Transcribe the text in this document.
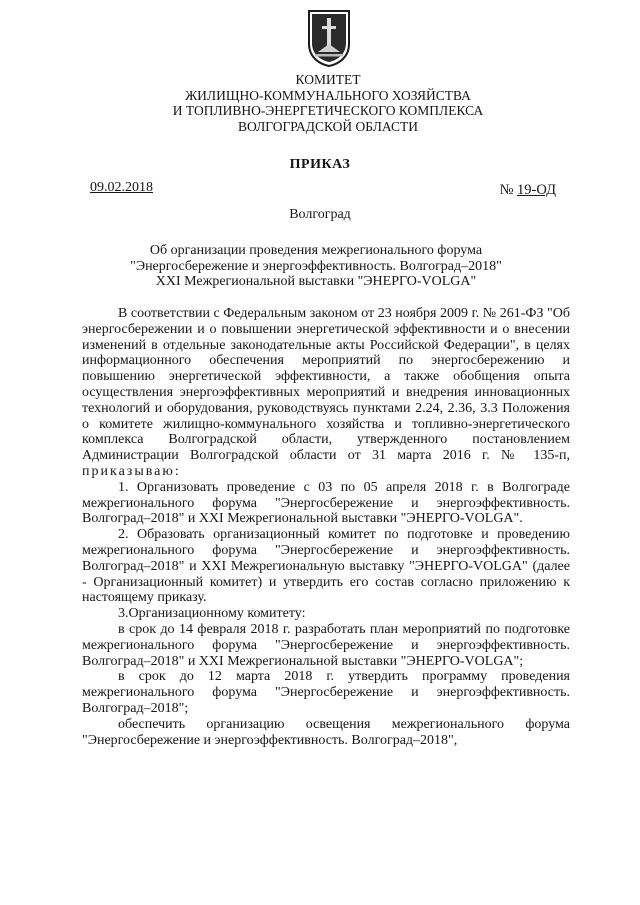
КОМИТЕТ
ЖИЛИЩНО-КОММУНАЛЬНОГО ХОЗЯЙСТВА
И ТОПЛИВНО-ЭНЕРГЕТИЧЕСКОГО КОМПЛЕКСА
ВОЛГОГРАДСКОЙ ОБЛАСТИ
ПРИКАЗ
09.02.2018	№ 19-ОД
Волгоград
Об организации проведения межрегионального форума
"Энергосбережение и энергоэффективность. Волгоград–2018"
XXI Межрегиональной выставки "ЭНЕРГО-VOLGA"

В соответствии с Федеральным законом от 23 ноября 2009 г. № 261-ФЗ "Об энергосбережении и о повышении энергетической эффективности и о внесении изменений в отдельные законодательные акты Российской Федерации", в целях информационного обеспечения мероприятий по энергосбережению и повышению энергетической эффективности, а также обобщения опыта осуществления энергоэффективных мероприятий и внедрения инновационных технологий и оборудования, руководствуясь пунктами 2.24, 2.36, 3.3 Положения о комитете жилищно-коммунального хозяйства и топливно-энергетического комплекса Волгоградской области, утвержденного постановлением Администрации Волгоградской области от 31 марта 2016 г. № 135-п, приказываю:

1. Организовать проведение с 03 по 05 апреля 2018 г. в Волгограде межрегионального форума "Энергосбережение и энергоэффективность. Волгоград–2018" и XXI Межрегиональной выставки "ЭНЕРГО-VOLGA".

2. Образовать организационный комитет по подготовке и проведению межрегионального форума "Энергосбережение и энергоэффективность. Волгоград–2018" и XXI Межрегиональную выставку "ЭНЕРГО-VOLGA" (далее - Организационный комитет) и утвердить его состав согласно приложению к настоящему приказу.

3.Организационному комитету:

в срок до 14 февраля 2018 г. разработать план мероприятий по подготовке межрегионального форума "Энергосбережение и энергоэффективность. Волгоград–2018" и XXI Межрегиональной выставки "ЭНЕРГО-VOLGA";

в срок до 12 марта 2018 г. утвердить программу проведения межрегионального форума "Энергосбережение и энергоэффективность. Волгоград–2018";

обеспечить организацию освещения межрегионального форума "Энергосбережение и энергоэффективность. Волгоград–2018",
